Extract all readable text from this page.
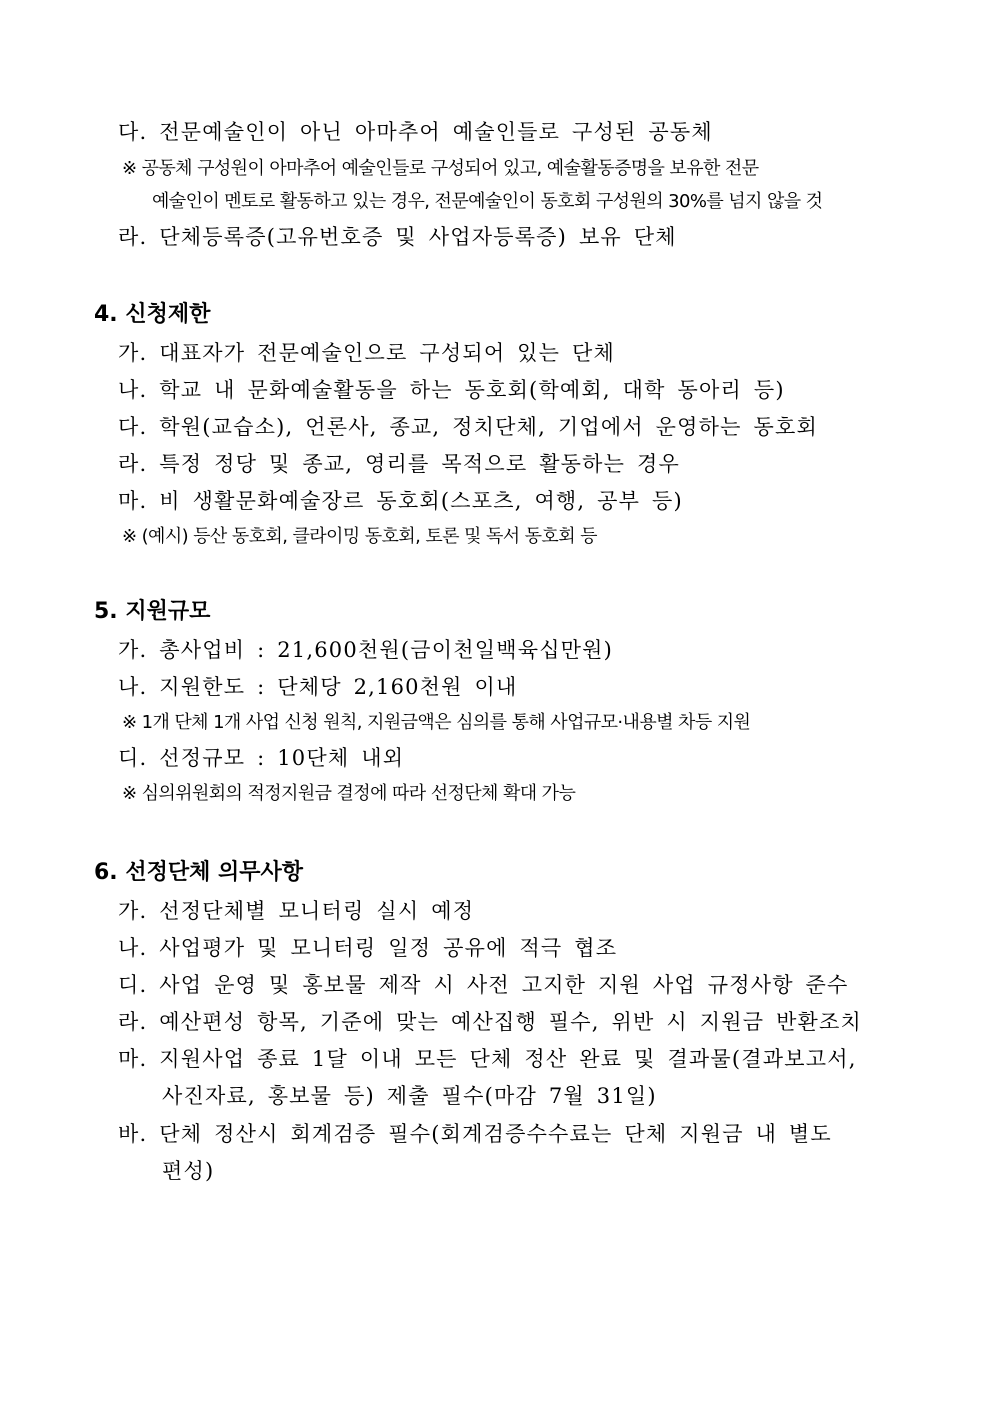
다. 전문예술인이 아닌 아마추어 예술인들로 구성된 공동체
※ 공동체 구성원이 아마추어 예술인들로 구성되어 있고, 예술활동증명을 보유한 전문
예술인이 멘토로 활동하고 있는 경우, 전문예술인이 동호회 구성원의 30%를 넘지 않을 것
라. 단체등록증(고유번호증 및 사업자등록증) 보유 단체
4. 신청제한
가. 대표자가 전문예술인으로 구성되어 있는 단체
나. 학교 내 문화예술활동을 하는 동호회(학예회, 대학 동아리 등)
다. 학원(교습소), 언론사, 종교, 정치단체, 기업에서 운영하는 동호회
라. 특정 정당 및 종교, 영리를 목적으로 활동하는 경우
마. 비 생활문화예술장르 동호회(스포츠, 여행, 공부 등)
※ (예시) 등산 동호회, 클라이밍 동호회, 토론 및 독서 동호회 등
5. 지원규모
가. 총사업비 : 21,600천원(금이천일백육십만원)
나. 지원한도 : 단체당 2,160천원 이내
※ 1개 단체 1개 사업 신청 원칙, 지원금액은 심의를 통해 사업규모·내용별 차등 지원
디. 선정규모 : 10단체 내외
※ 심의위원회의 적정지원금 결정에 따라 선정단체 확대 가능
6. 선정단체 의무사항
가. 선정단체별 모니터링 실시 예정
나. 사업평가 및 모니터링 일정 공유에 적극 협조
디. 사업 운영 및 홍보물 제작 시 사전 고지한 지원 사업 규정사항 준수
라. 예산편성 항목, 기준에 맞는 예산집행 필수, 위반 시 지원금 반환조치
마. 지원사업 종료 1달 이내 모든 단체 정산 완료 및 결과물(결과보고서,
사진자료, 홍보물 등) 제출 필수(마감 7월 31일)
바. 단체 정산시 회계검증 필수(회계검증수수료는 단체 지원금 내 별도
편성)
